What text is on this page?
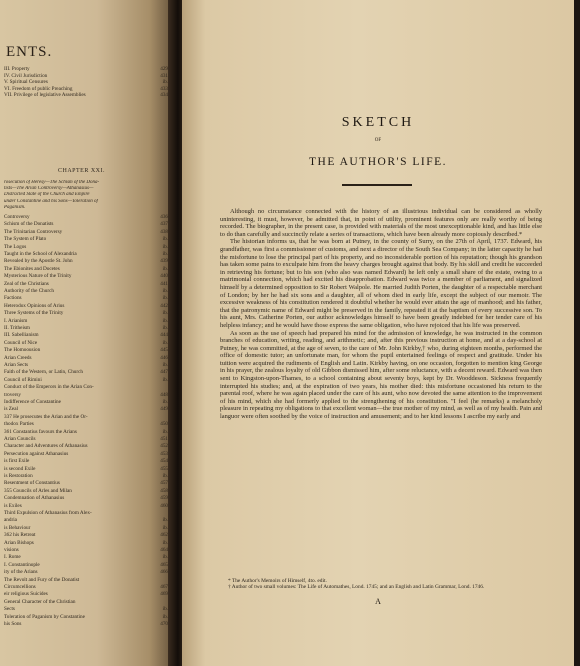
ENTS.
III. Property	429
IV. Civil Jurisdiction	431
V. Spiritual Censures	ib.
VI. Freedom of public Preaching	433
VII. Privilege of legislative Assemblies	434
CHAPTER XXI.
rosecution of Heresy—The Schism of the Dona-
tists—The Arian Controversy—Athanasius—
Distracted State of the Church and Empire
under Constantine and his Sons—Toleration of
Paganism.
Controversy	436
Schism of the Donatists	437
The Trinitarian Controversy	438
The System of Plato	ib.
The Logos	ib.
Taught in the School of Alexandria	ib.
Revealed by the Apostle St. John	439
The Ebionites and Docetes	ib.
Mysterious Nature of the Trinity	440
Zeal of the Christians	441
Authority of the Church	ib.
Factions	ib.
Heterodox Opinions of Arius	442
Three Systems of the Trinity	ib.
I. Arianism	ib.
II. Tritheism	ib.
III. Sabellianism	444
Council of Nice	ib.
The Homoousion	445
Arian Creeds	446
Arian Sects	ib.
Faith of the Western, or Latin, Church	447
Council of Rimini	ib.
Conduct of the Emperors in the Arian Con-
troversy	448
Indifference of Constantine	ib.
is Zeal	449
337 He prosecutes the Arian and the Or-
thodox Parties	450
361 Constantius favours the Arians	ib.
Arian Councils	451
Character and Adventures of Athanasius	452
Persecution against Athanasius	453
is first Exile	454
is second Exile	455
is Restoration	ib.
Resentment of Constantius	457
355 Councils of Arles and Milan	458
Condemnation of Athanasius	459
is Exiles	460
Third Expulsion of Athanasius from Alex-
andria	ib.
is Behaviour	ib.
362 his Retreat	462
Arian Bishops	ib.
visions	464
I. Rome	ib.
I. Constantinople	465
ity of the Arians	466
The Revolt and Fury of the Donatist
Circumcellions	467
eir religious Suicides	469
General Character of the Christian
Sects	ib.
Toleration of Paganism by Constantine	ib.
his Sons	470
SKETCH
OF
THE AUTHOR'S LIFE.

Although no circumstance connected with the history of an illustrious individual can be considered as wholly uninteresting, it must, however, be admitted that, in point of utility, prominent features only are really worthy of being recorded. The biographer, in the present case, is provided with materials of the most unexceptionable kind, and has little else to do than carefully and succinctly relate a series of transactions, which have been already more copiously described.*

The historian informs us, that he was born at Putney, in the county of Surry, on the 27th of April, 1737. Edward, his grandfather, was first a commissioner of customs, and next a director of the South Sea Company; in the latter capacity he had the misfortune to lose the principal part of his property, and no inconsiderable portion of his reputation; though his grandson has taken some pains to exculpate him from the heavy charges brought against that body. By his skill and credit he succeeded in retrieving his fortune; but to his son (who also was named Edward) he left only a small share of the estate, owing to a matrimonial connection, which had excited his disapprobation. Edward was twice a member of parliament, and signalized himself by a determined opposition to Sir Robert Walpole. He married Judith Porten, the daughter of a respectable merchant of London; by her he had six sons and a daughter, all of whom died in early life, except the subject of our memoir. The excessive weakness of his constitution rendered it doubtful whether he would ever attain the age of manhood; and his father, that the patronymic name of Edward might be preserved in the family, repeated it at the baptism of every successive son. To his aunt, Mrs. Catherine Porten, our author acknowledges himself to have been greatly indebted for her tender care of his helpless infancy; and he would have those express the same obligation, who have rejoiced that his life was preserved.

As soon as the use of speech had prepared his mind for the admission of knowledge, he was instructed in the common branches of education, writing, reading, and arithmetic; and, after this previous instruction at home, and at a day-school at Putney, he was committed, at the age of seven, to the care of Mr. John Kirkby,† who, during eighteen months, performed the office of domestic tutor; an unfortunate man, for whom the pupil entertained feelings of respect and gratitude. Under his tuition were acquired the rudiments of English and Latin. Kirkby having, on one occasion, forgotten to mention king George in his prayer, the zealous loyalty of old Gibbon dismissed him, after some reluctance, with a decent reward. Edward was then sent to Kingston-upon-Thames, to a school containing about seventy boys, kept by Dr. Wooddeson. Sickness frequently interrupted his studies; and, at the expiration of two years, his mother died: this misfortune occasioned his return to the parental roof, where he was again placed under the care of his aunt, who now devoted the same attention to the improvement of his mind, which she had formerly applied to the strengthening of his constitution. "I feel (he remarks) a melancholy pleasure in repeating my obligations to that excellent woman—the true mother of my mind, as well as of my health. Pain and languor were often soothed by the voice of instruction and amusement; and to her kind lessons I ascribe my early and

* The Author's Memoirs of Himself, 4to. edit.

† Author of two small volumes: The Life of Automathes, Lond. 1745; and an English and Latin Grammar, Lond. 1746.

A
